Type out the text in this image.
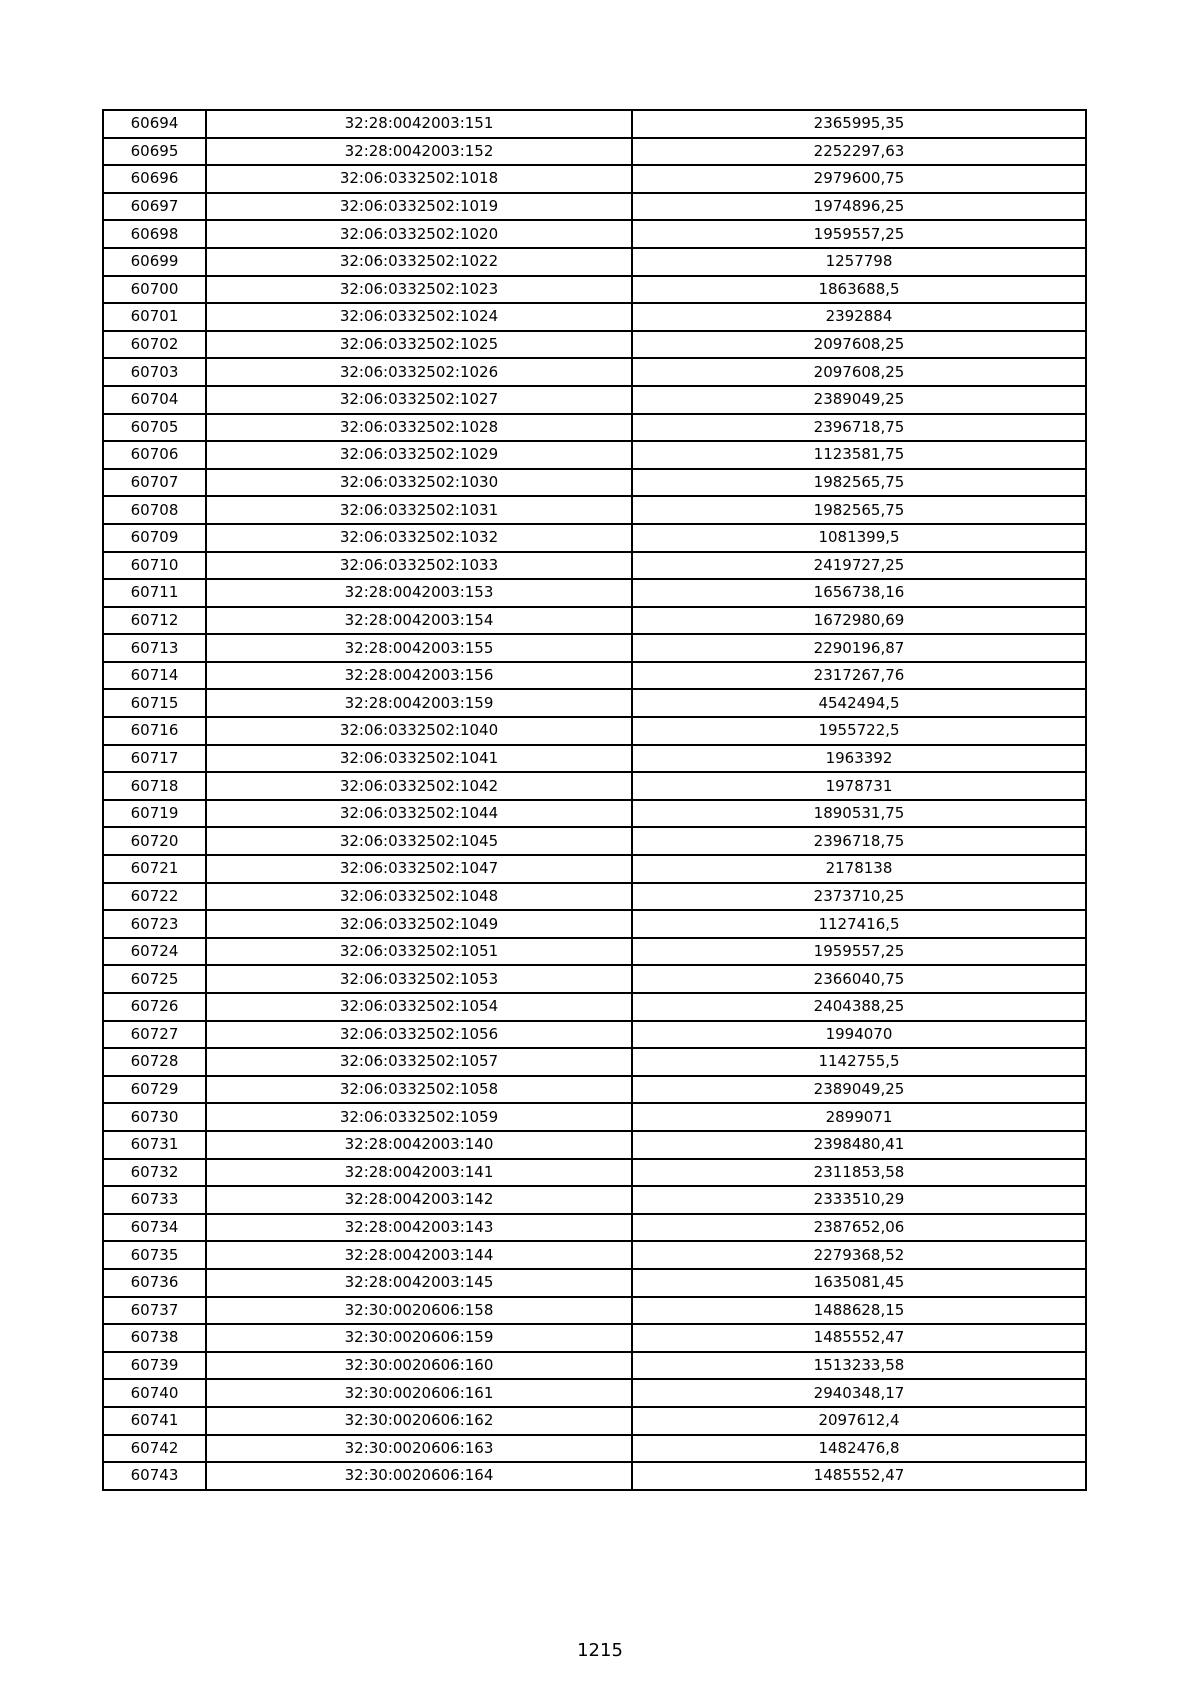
60694	32:28:0042003:151	2365995,35
60695	32:28:0042003:152	2252297,63
60696	32:06:0332502:1018	2979600,75
60697	32:06:0332502:1019	1974896,25
60698	32:06:0332502:1020	1959557,25
60699	32:06:0332502:1022	1257798
60700	32:06:0332502:1023	1863688,5
60701	32:06:0332502:1024	2392884
60702	32:06:0332502:1025	2097608,25
60703	32:06:0332502:1026	2097608,25
60704	32:06:0332502:1027	2389049,25
60705	32:06:0332502:1028	2396718,75
60706	32:06:0332502:1029	1123581,75
60707	32:06:0332502:1030	1982565,75
60708	32:06:0332502:1031	1982565,75
60709	32:06:0332502:1032	1081399,5
60710	32:06:0332502:1033	2419727,25
60711	32:28:0042003:153	1656738,16
60712	32:28:0042003:154	1672980,69
60713	32:28:0042003:155	2290196,87
60714	32:28:0042003:156	2317267,76
60715	32:28:0042003:159	4542494,5
60716	32:06:0332502:1040	1955722,5
60717	32:06:0332502:1041	1963392
60718	32:06:0332502:1042	1978731
60719	32:06:0332502:1044	1890531,75
60720	32:06:0332502:1045	2396718,75
60721	32:06:0332502:1047	2178138
60722	32:06:0332502:1048	2373710,25
60723	32:06:0332502:1049	1127416,5
60724	32:06:0332502:1051	1959557,25
60725	32:06:0332502:1053	2366040,75
60726	32:06:0332502:1054	2404388,25
60727	32:06:0332502:1056	1994070
60728	32:06:0332502:1057	1142755,5
60729	32:06:0332502:1058	2389049,25
60730	32:06:0332502:1059	2899071
60731	32:28:0042003:140	2398480,41
60732	32:28:0042003:141	2311853,58
60733	32:28:0042003:142	2333510,29
60734	32:28:0042003:143	2387652,06
60735	32:28:0042003:144	2279368,52
60736	32:28:0042003:145	1635081,45
60737	32:30:0020606:158	1488628,15
60738	32:30:0020606:159	1485552,47
60739	32:30:0020606:160	1513233,58
60740	32:30:0020606:161	2940348,17
60741	32:30:0020606:162	2097612,4
60742	32:30:0020606:163	1482476,8
60743	32:30:0020606:164	1485552,47
1215
